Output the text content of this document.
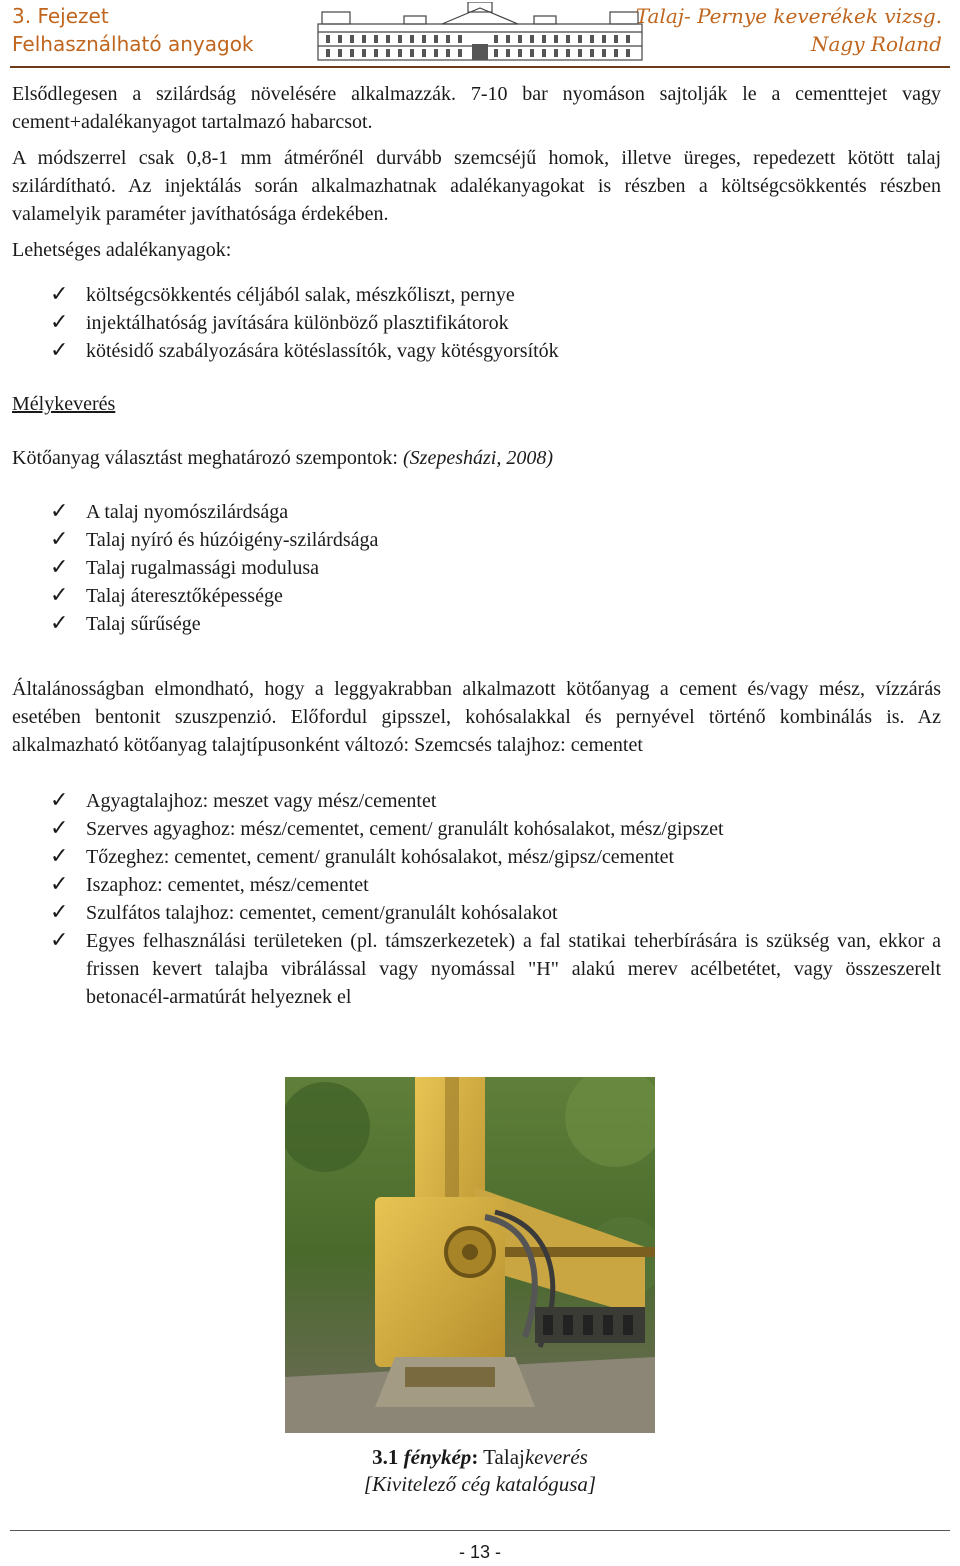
3. Fejezet
Felhasználható anyagok
Talaj- Pernye keverékek vizsg.
Nagy Roland

Elsődlegesen a szilárdság növelésére alkalmazzák. 7-10 bar nyomáson sajtolják le a cementtejet vagy cement+adalékanyagot tartalmazó habarcsot.

A módszerrel csak 0,8-1 mm átmérőnél durvább szemcséjű homok, illetve üreges, repedezett kötött talaj szilárdítható. Az injektálás során alkalmazhatnak adalékanyagokat is részben a költségcsökkentés részben valamelyik paraméter javíthatósága érdekében.

Lehetséges adalékanyagok:

✓ költségcsökkentés céljából salak, mészkőliszt, pernye
✓ injektálhatóság javítására különböző plasztifikátorok
✓ kötésidő szabályozására kötéslassítók, vagy kötésgyorsítók

Mélykeverés

Kötőanyag választást meghatározó szempontok: (Szepesházi, 2008)

✓ A talaj nyomószilárdsága
✓ Talaj nyíró és húzóigény-szilárdsága
✓ Talaj rugalmassági modulusa
✓ Talaj áteresztőképessége
✓ Talaj sűrűsége

Általánosságban elmondható, hogy a leggyakrabban alkalmazott kötőanyag a cement és/vagy mész, vízzárás esetében bentonit szuszpenzió. Előfordul gipsszel, kohósalakkal és pernyével történő kombinálás is. Az alkalmazható kötőanyag talajtípusonként változó: Szemcsés talajhoz: cementet

✓ Agyagtalajhoz: meszet vagy mész/cementet
✓ Szerves agyaghoz: mész/cementet, cement/ granulált kohósalakot, mész/gipszet
✓ Tőzeghez: cementet, cement/ granulált kohósalakot, mész/gipsz/cementet
✓ Iszaphoz: cementet, mész/cementet
✓ Szulfátos talajhoz: cementet, cement/granulált kohósalakot
✓ Egyes felhasználási területeken (pl. támszerkezetek) a fal statikai teherbírására is szükség van, ekkor a frissen kevert talajba vibrálással vagy nyomással "H" alakú merev acélbetétet, vagy összeszerelt betonacél-armatúrát helyeznek el
3.1 fénykép: Talajkeverés
[Kivitelező cég katalógusa]
- 13 -
